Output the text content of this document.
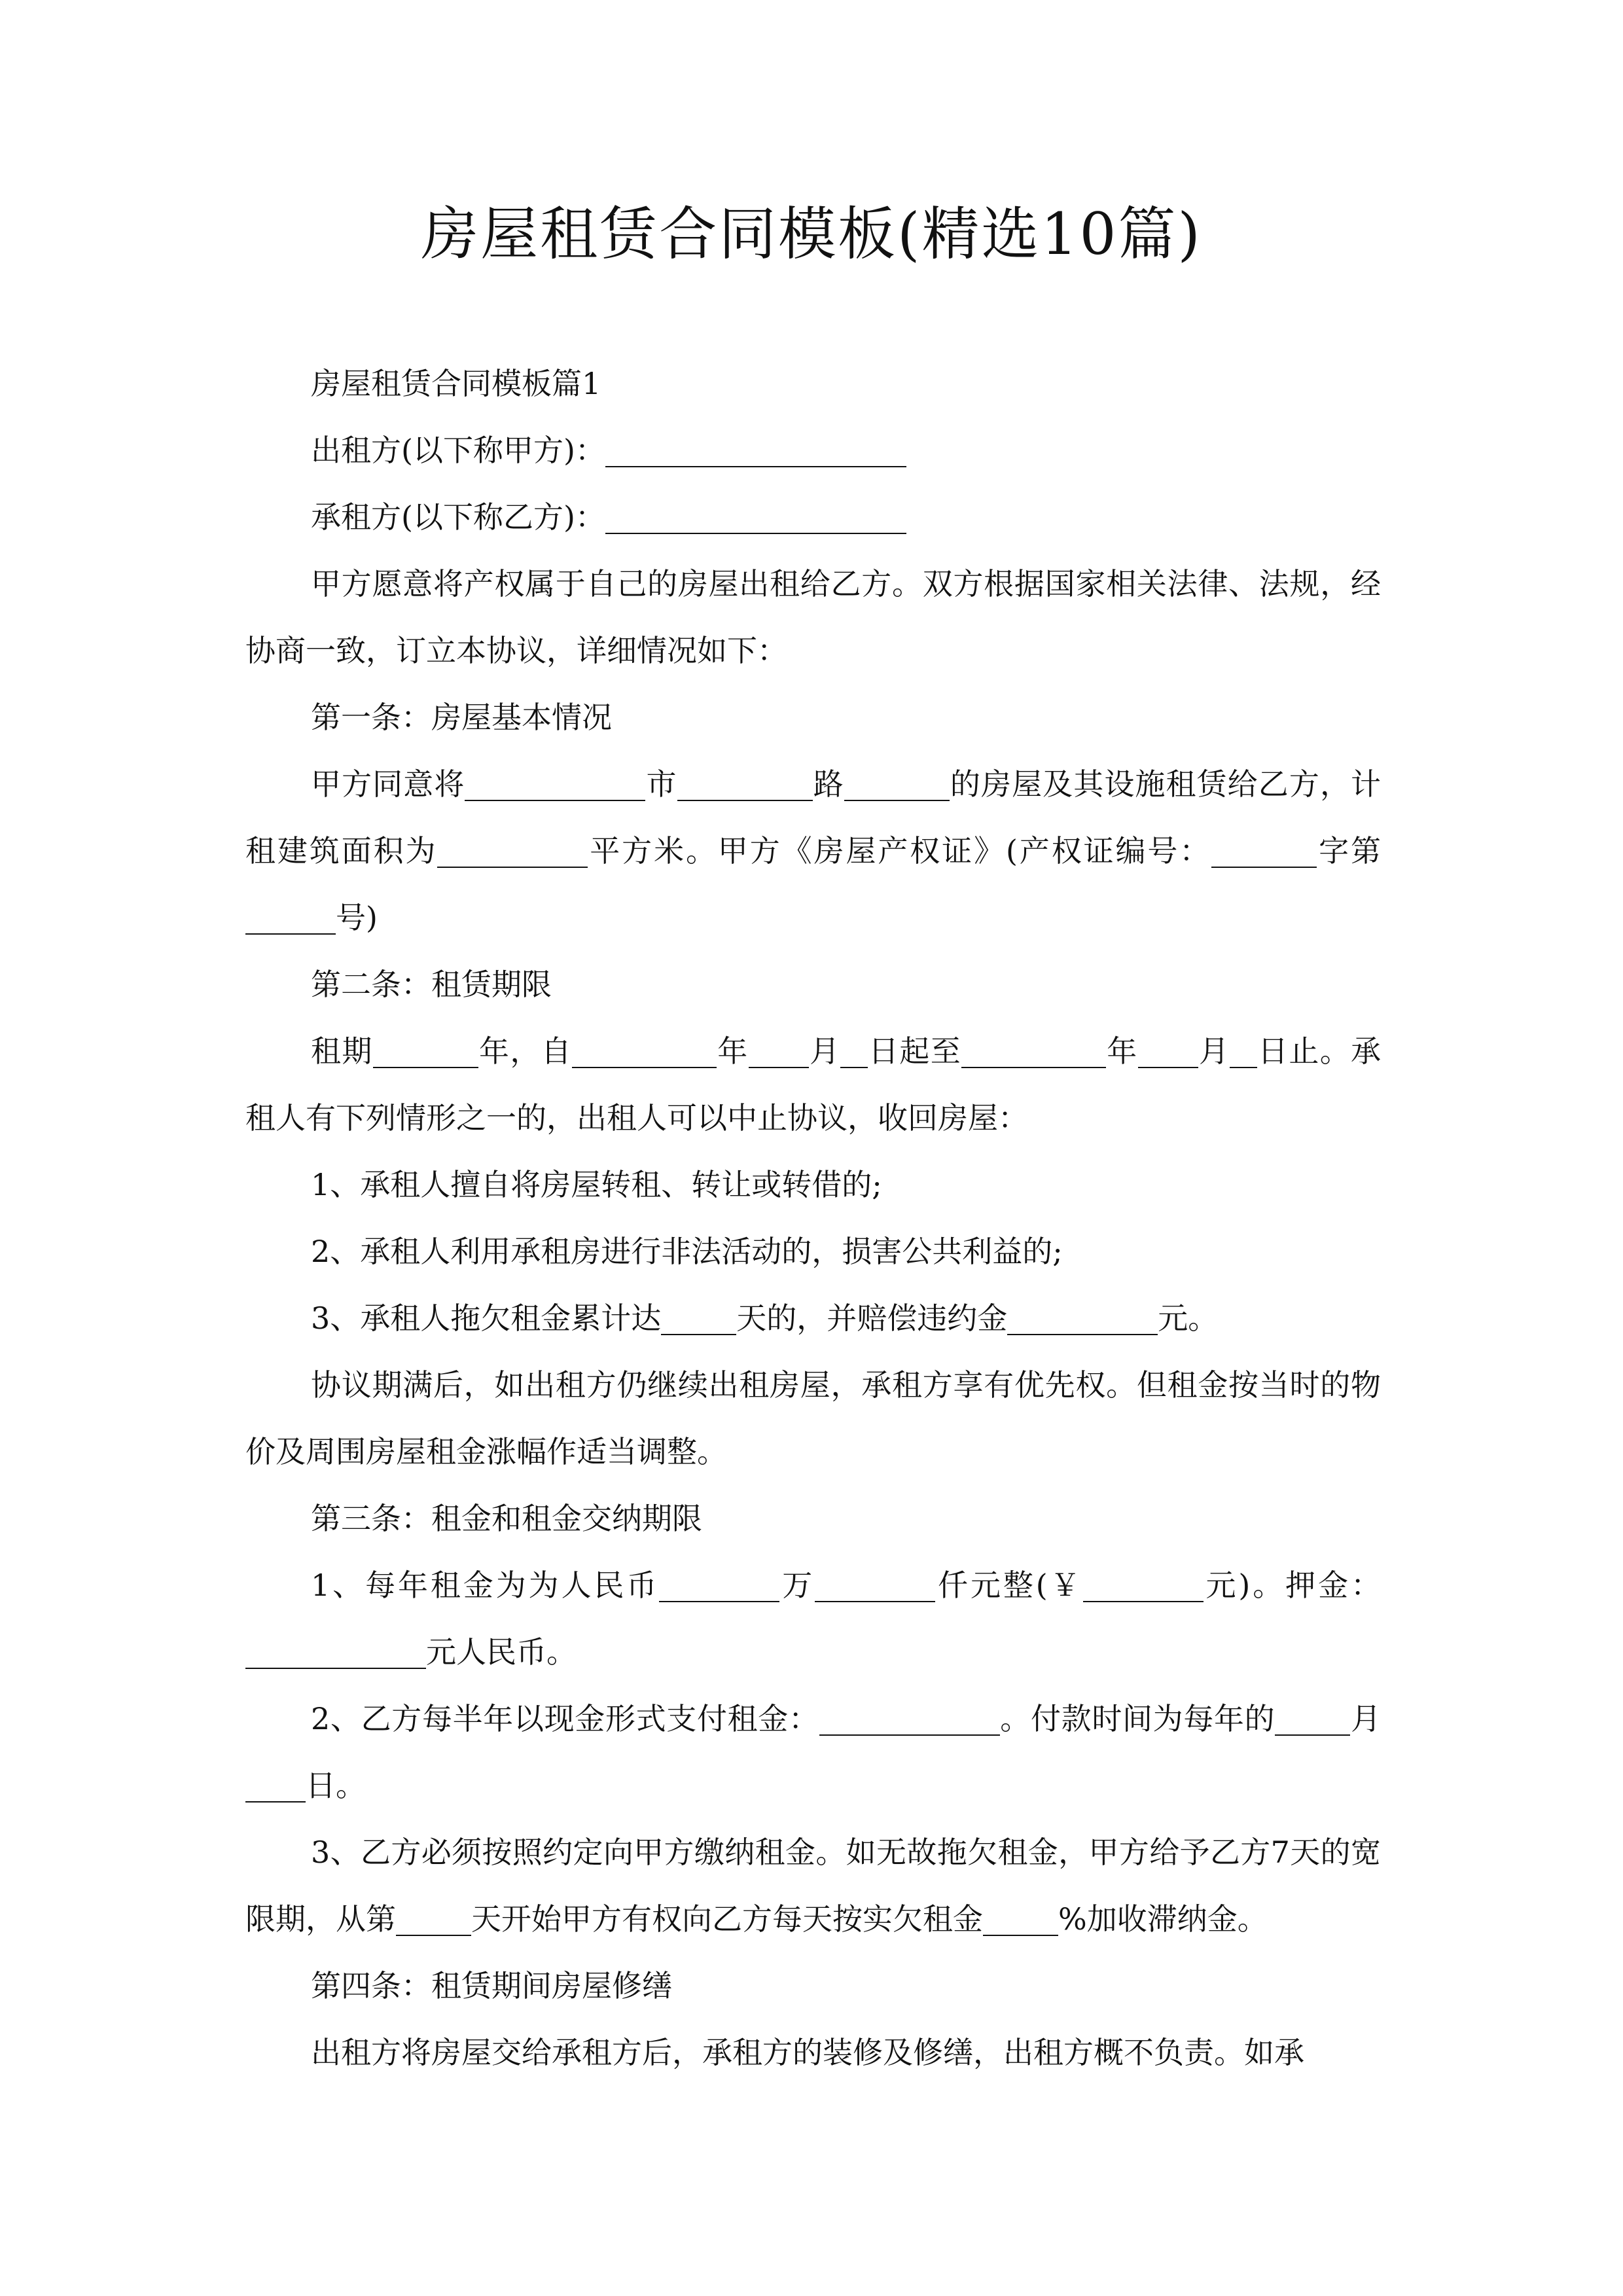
房屋租赁合同模板(精选10篇)

房屋租赁合同模板篇1

出租方(以下称甲方)：

承租方(以下称乙方)：

甲方愿意将产权属于自己的房屋出租给乙方。双方根据国家相关法律、法规，经协商一致，订立本协议，详细情况如下：

第一条：房屋基本情况

甲方同意将	市	路	的房屋及其设施租赁给乙方，计租建筑面积为	平方米。甲方《房屋产权证》(产权证编号：	字第号)

第二条：租赁期限

租期	年，自	年 月 日起至	年 月 日止。承租人有下列情形之一的，出租人可以中止协议，收回房屋：

1、承租人擅自将房屋转租、转让或转借的;

2、承租人利用承租房进行非法活动的，损害公共利益的;

3、承租人拖欠租金累计达	天的，并赔偿违约金	元。

协议期满后，如出租方仍继续出租房屋，承租方享有优先权。但租金按当时的物价及周围房屋租金涨幅作适当调整。

第三条：租金和租金交纳期限

1、每年租金为为人民币	万	仟元整(￥	元)。押金：元人民币。

2、乙方每半年以现金形式支付租金：	。付款时间为每年的	月日。

3、乙方必须按照约定向甲方缴纳租金。如无故拖欠租金，甲方给予乙方7天的宽限期，从第	天开始甲方有权向乙方每天按实欠租金	%加收滞纳金。

第四条：租赁期间房屋修缮

出租方将房屋交给承租方后，承租方的装修及修缮，出租方概不负责。如承
